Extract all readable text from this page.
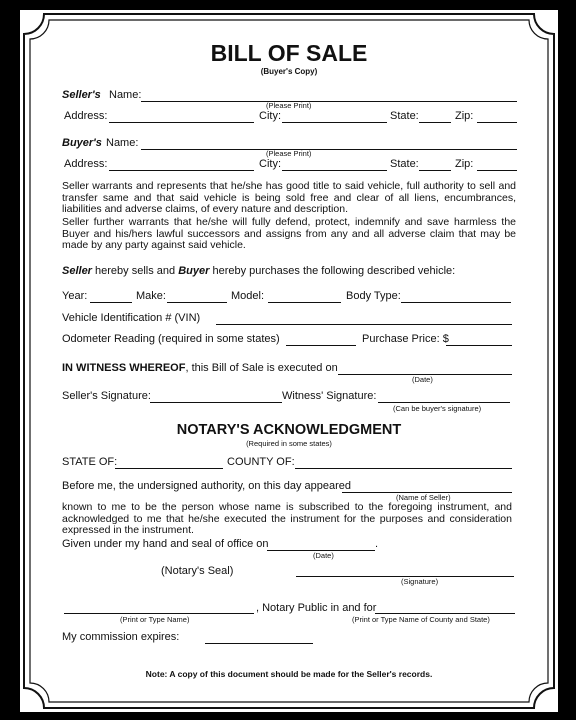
BILL OF SALE
(Buyer's Copy)
Seller's Name:
(Please Print)
Address:	City:	State:	Zip:
Buyer's Name:
(Please Print)
Address:	City:	State:	Zip:
Seller warrants and represents that he/she has good title to said vehicle, full authority to sell and transfer same and that said vehicle is being sold free and clear of all liens, encumbrances, liabilities and adverse claims, of every nature and description.
Seller further warrants that he/she will fully defend, protect, indemnify and save harmless the Buyer and his/hers lawful successors and assigns from any and all adverse claim that may be made by any party against said vehicle.
Seller hereby sells and Buyer hereby purchases the following described vehicle:
Year:	Make:	Model:	Body Type:
Vehicle Identification # (VIN)
Odometer Reading (required in some states)	Purchase Price: $
IN WITNESS WHEREOF, this Bill of Sale is executed on
(Date)
Seller's Signature:	Witness' Signature:
(Can be buyer's signature)
NOTARY'S ACKNOWLEDGMENT
(Required in some states)
STATE OF:	COUNTY OF:
Before me, the undersigned authority, on this day appeared
(Name of Seller)
known to me to be the person whose name is subscribed to the foregoing instrument, and acknowledged to me that he/she executed the instrument for the purposes and consideration expressed in the instrument.
Given under my hand and seal of office on	.
(Date)
(Notary's Seal)
(Signature)
, Notary Public in and for
(Print or Type Name)	(Print or Type Name of County and State)
My commission expires:
Note: A copy of this document should be made for the Seller's records.
